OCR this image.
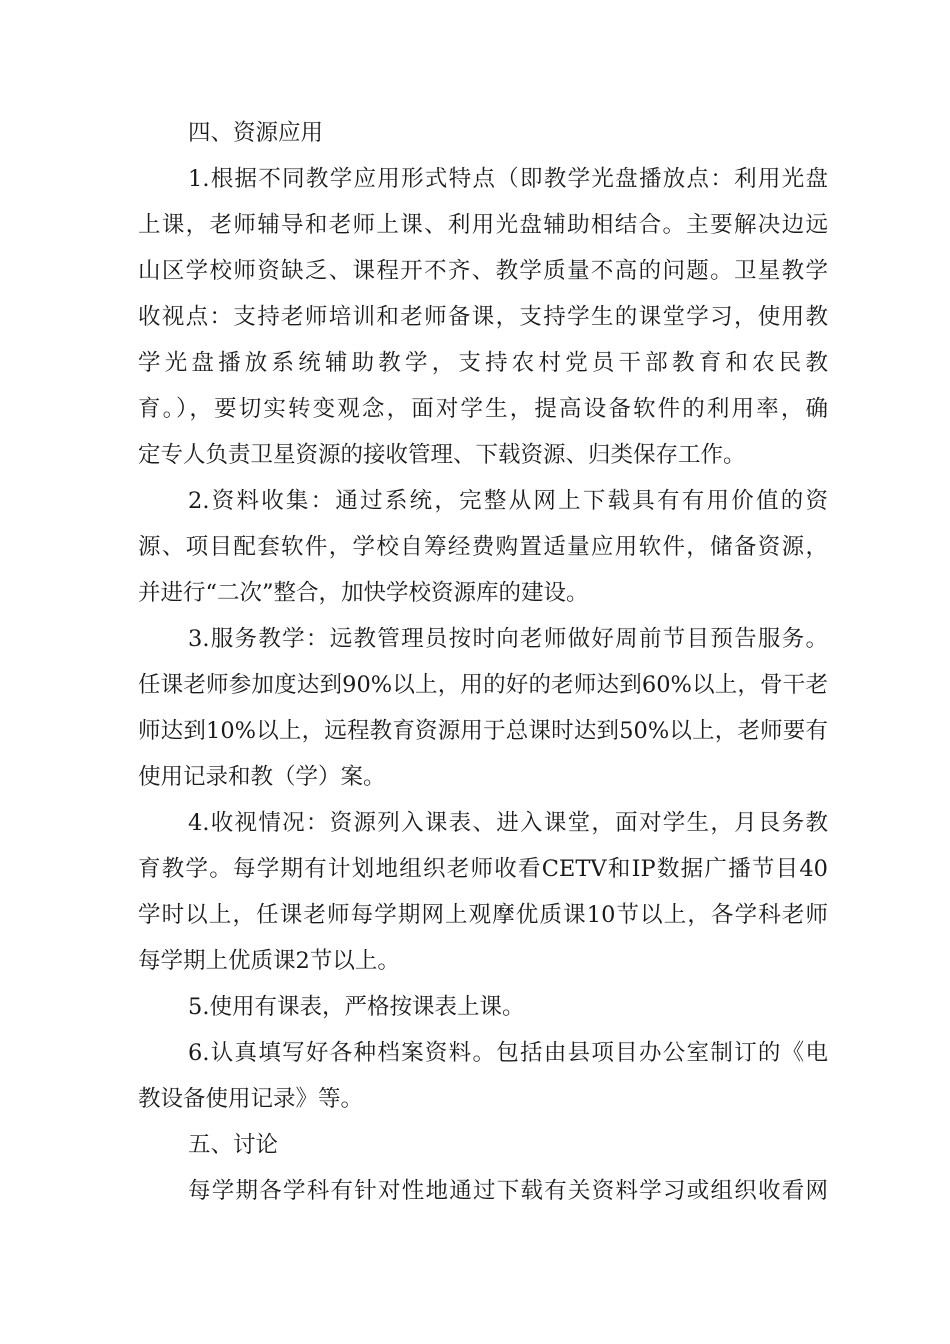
四、资源应用
1.根据不同教学应用形式特点（即教学光盘播放点：利用光盘
上课，老师辅导和老师上课、利用光盘辅助相结合。主要解决边远
山区学校师资缺乏、课程开不齐、教学质量不高的问题。卫星教学
收视点：支持老师培训和老师备课，支持学生的课堂学习，使用教
学光盘播放系统辅助教学，支持农村党员干部教育和农民教
育。），要切实转变观念，面对学生，提高设备软件的利用率，确
定专人负责卫星资源的接收管理、下载资源、归类保存工作。
2.资料收集：通过系统，完整从网上下载具有有用价值的资
源、项目配套软件，学校自筹经费购置适量应用软件，储备资源，
并进行“二次”整合，加快学校资源库的建设。
3.服务教学：远教管理员按时向老师做好周前节目预告服务。
任课老师参加度达到90%以上，用的好的老师达到60%以上，骨干老
师达到10%以上，远程教育资源用于总课时达到50%以上，老师要有
使用记录和教（学）案。
4.收视情况：资源列入课表、进入课堂，面对学生，月艮务教
育教学。每学期有计划地组织老师收看CETV和IP数据广播节目40
学时以上，任课老师每学期网上观摩优质课10节以上，各学科老师
每学期上优质课2节以上。
5.使用有课表，严格按课表上课。
6.认真填写好各种档案资料。包括由县项目办公室制订的《电
教设备使用记录》等。
五、讨论
每学期各学科有针对性地通过下载有关资料学习或组织收看网
